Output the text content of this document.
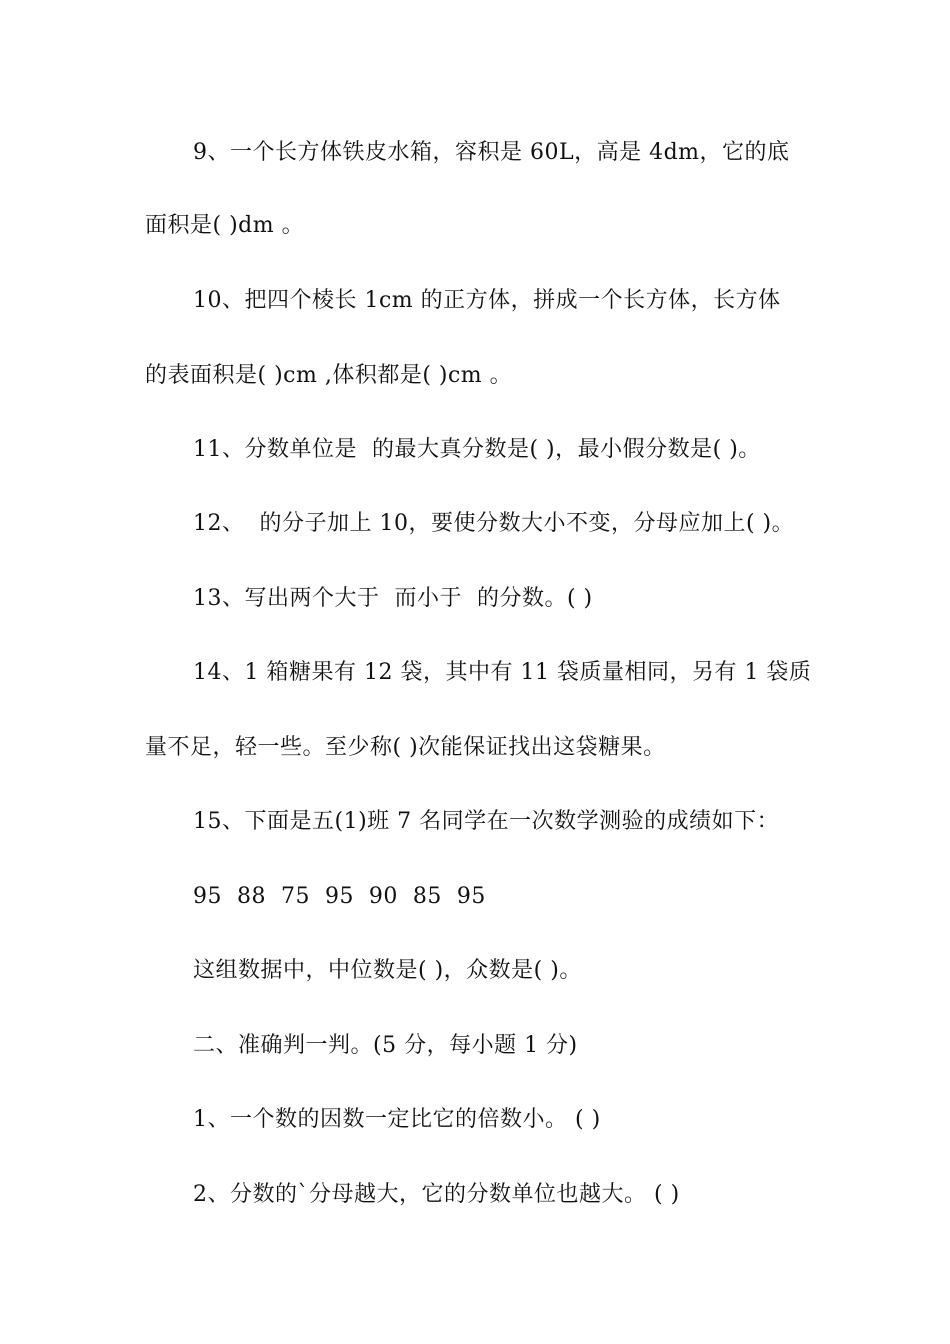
9、一个长方体铁皮水箱，容积是 60L，高是 4dm，它的底
面积是( )dm 。
10、把四个棱长 1cm 的正方体，拼成一个长方体，长方体
的表面积是( )cm ,体积都是( )cm 。
11、分数单位是  的最大真分数是( )，最小假分数是( )。
12、  的分子加上 10，要使分数大小不变，分母应加上( )。
13、写出两个大于  而小于  的分数。( )
14、1 箱糖果有 12 袋，其中有 11 袋质量相同，另有 1 袋质
量不足，轻一些。至少称( )次能保证找出这袋糖果。
15、下面是五(1)班 7 名同学在一次数学测验的成绩如下：
95  88  75  95  90  85  95
这组数据中，中位数是( )，众数是( )。
二、准确判一判。(5 分，每小题 1 分)
1、一个数的因数一定比它的倍数小。 ( )
2、分数的`分母越大，它的分数单位也越大。 ( )
